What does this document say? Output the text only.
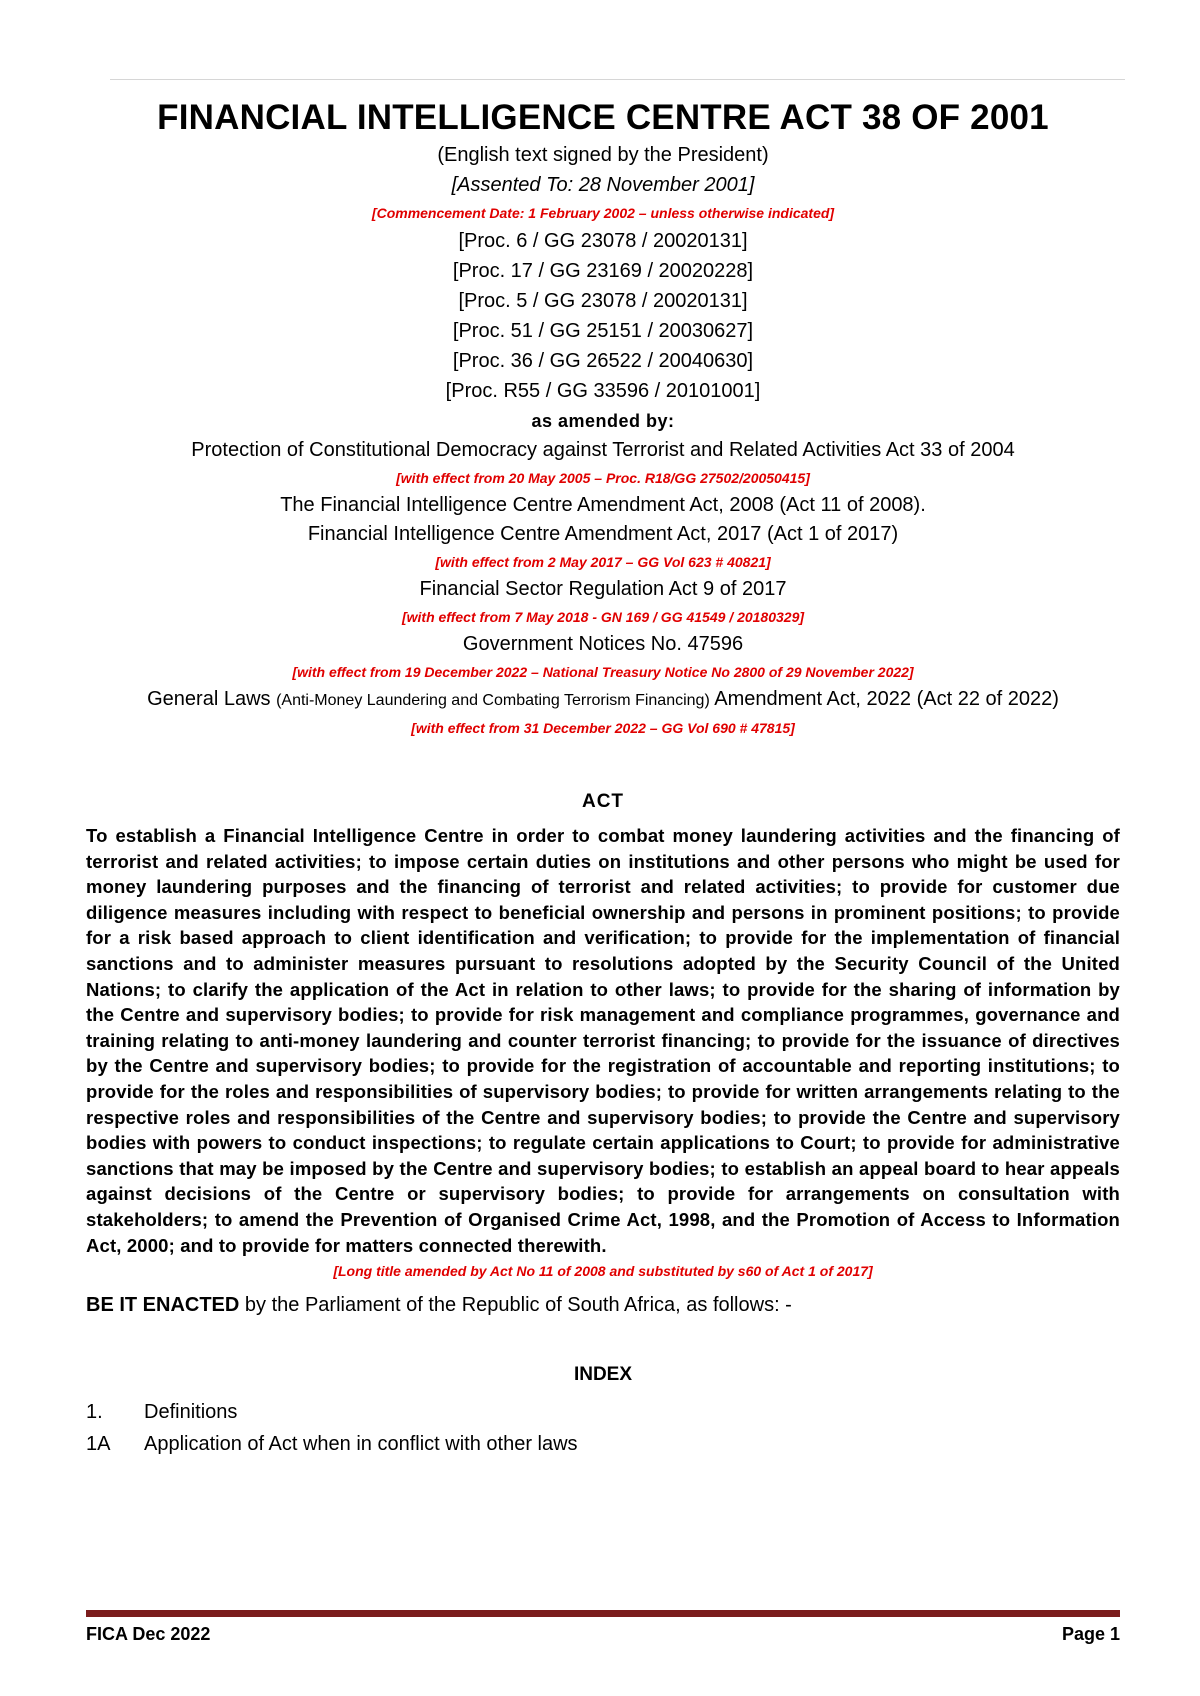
FINANCIAL INTELLIGENCE CENTRE ACT 38 OF 2001

(English text signed by the President)

[Assented To: 28 November 2001]

[Commencement Date: 1 February 2002 – unless otherwise indicated]

[Proc. 6 / GG 23078 / 20020131]

[Proc. 17 / GG 23169 / 20020228]

[Proc. 5 / GG 23078 / 20020131]

[Proc. 51 / GG 25151 / 20030627]

[Proc. 36 / GG 26522 / 20040630]

[Proc. R55 / GG 33596 / 20101001]

as amended by:

Protection of Constitutional Democracy against Terrorist and Related Activities Act 33 of 2004

[with effect from 20 May 2005 – Proc. R18/GG 27502/20050415]

The Financial Intelligence Centre Amendment Act, 2008 (Act 11 of 2008).

Financial Intelligence Centre Amendment Act, 2017 (Act 1 of 2017)

[with effect from 2 May 2017 – GG Vol 623 # 40821]

Financial Sector Regulation Act 9 of 2017

[with effect from 7 May 2018 - GN 169 / GG 41549 / 20180329]

Government Notices No. 47596

[with effect from 19 December 2022 – National Treasury Notice No 2800 of 29 November 2022]

General Laws (Anti-Money Laundering and Combating Terrorism Financing) Amendment Act, 2022 (Act 22 of 2022)

[with effect from 31 December 2022 – GG Vol 690 # 47815]

ACT

To establish a Financial Intelligence Centre in order to combat money laundering activities and the financing of terrorist and related activities; to impose certain duties on institutions and other persons who might be used for money laundering purposes and the financing of terrorist and related activities; to provide for customer due diligence measures including with respect to beneficial ownership and persons in prominent positions; to provide for a risk based approach to client identification and verification; to provide for the implementation of financial sanctions and to administer measures pursuant to resolutions adopted by the Security Council of the United Nations; to clarify the application of the Act in relation to other laws; to provide for the sharing of information by the Centre and supervisory bodies; to provide for risk management and compliance programmes, governance and training relating to anti-money laundering and counter terrorist financing; to provide for the issuance of directives by the Centre and supervisory bodies; to provide for the registration of accountable and reporting institutions; to provide for the roles and responsibilities of supervisory bodies; to provide for written arrangements relating to the respective roles and responsibilities of the Centre and supervisory bodies; to provide the Centre and supervisory bodies with powers to conduct inspections; to regulate certain applications to Court; to provide for administrative sanctions that may be imposed by the Centre and supervisory bodies; to establish an appeal board to hear appeals against decisions of the Centre or supervisory bodies; to provide for arrangements on consultation with stakeholders; to amend the Prevention of Organised Crime Act, 1998, and the Promotion of Access to Information Act, 2000; and to provide for matters connected therewith.

[Long title amended by Act No 11 of 2008 and substituted by s60 of Act 1 of 2017]

BE IT ENACTED by the Parliament of the Republic of South Africa, as follows: -

INDEX
1.	Definitions
1A	Application of Act when in conflict with other laws
FICA Dec 2022	Page 1
